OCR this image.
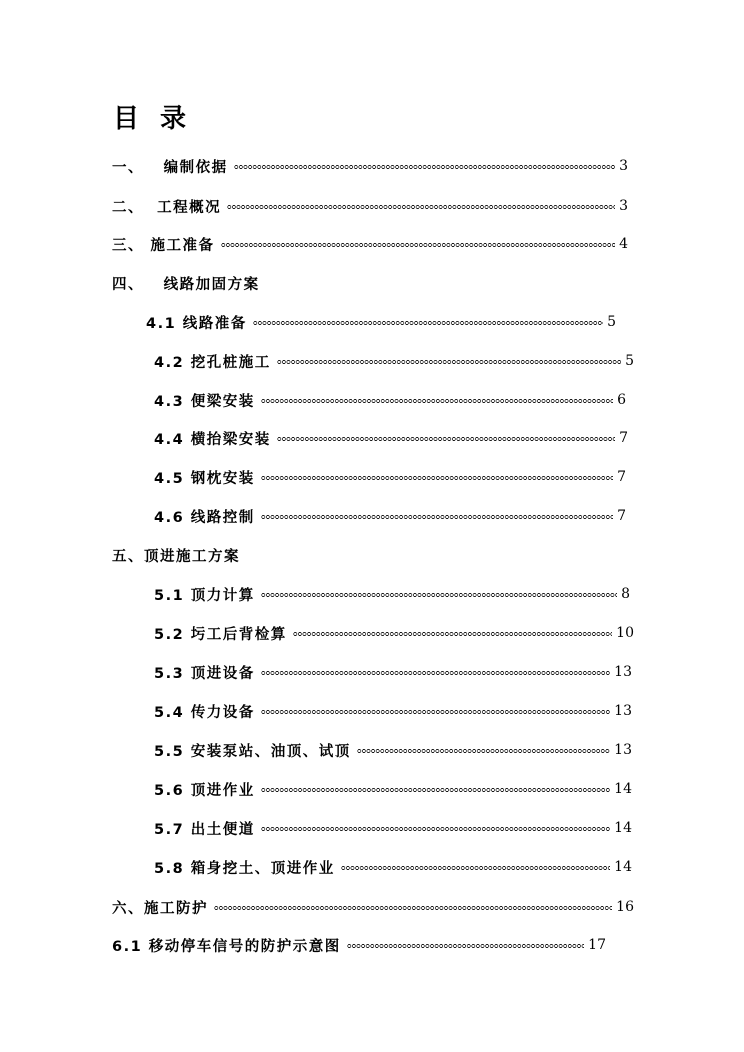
目 录
一、   编制依据	3
二、  工程概况	3
三、 施工准备	4
四、   线路加固方案
4.1 线路准备	5
4.2 挖孔桩施工	5
4.3 便梁安装	6
4.4 横抬梁安装	7
4.5 钢枕安装	7
4.6 线路控制	7
五、顶进施工方案
5.1 顶力计算	8
5.2 圬工后背检算	10
5.3 顶进设备	13
5.4 传力设备	13
5.5 安装泵站、油顶、试顶	13
5.6 顶进作业	14
5.7 出土便道	14
5.8 箱身挖土、顶进作业	14
六、施工防护	16
6.1 移动停车信号的防护示意图	17
